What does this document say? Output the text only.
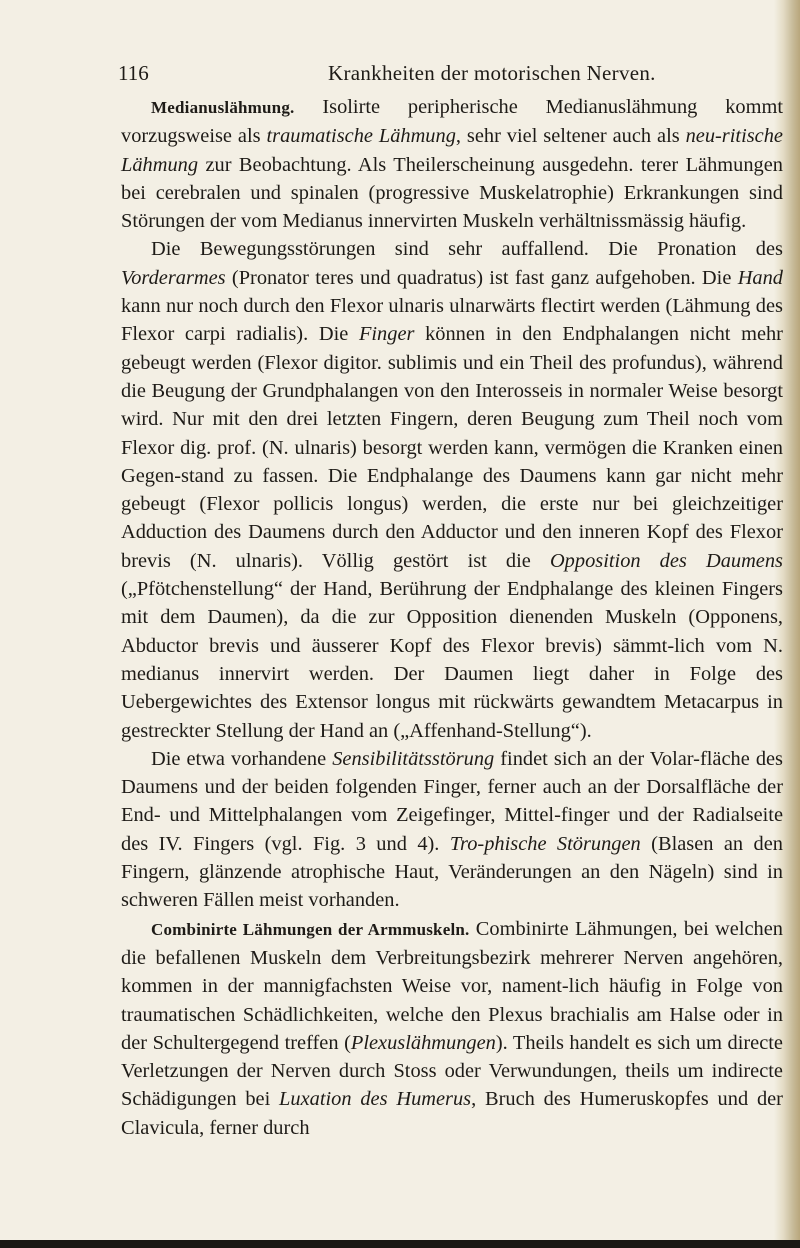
116	Krankheiten der motorischen Nerven.

Medianuslähmung. Isolirte peripherische Medianuslähmung kommt vorzugsweise als traumatische Lähmung, sehr viel seltener auch als neu-ritische Lähmung zur Beobachtung. Als Theilerscheinung ausgedehn. terer Lähmungen bei cerebralen und spinalen (progressive Muskelatrophie) Erkrankungen sind Störungen der vom Medianus innervirten Muskeln verhältnissmässig häufig.

Die Bewegungsstörungen sind sehr auffallend. Die Pronation des Vorderarmes (Pronator teres und quadratus) ist fast ganz aufgehoben. Die Hand kann nur noch durch den Flexor ulnaris ulnarwärts flectirt werden (Lähmung des Flexor carpi radialis). Die Finger können in den Endphalangen nicht mehr gebeugt werden (Flexor digitor. sublimis und ein Theil des profundus), während die Beugung der Grundphalangen von den Interosseis in normaler Weise besorgt wird. Nur mit den drei letzten Fingern, deren Beugung zum Theil noch vom Flexor dig. prof. (N. ulnaris) besorgt werden kann, vermögen die Kranken einen Gegen-stand zu fassen. Die Endphalange des Daumens kann gar nicht mehr gebeugt (Flexor pollicis longus) werden, die erste nur bei gleichzeitiger Adduction des Daumens durch den Adductor und den inneren Kopf des Flexor brevis (N. ulnaris). Völlig gestört ist die Opposition des Daumens („Pfötchenstellung“ der Hand, Berührung der Endphalange des kleinen Fingers mit dem Daumen), da die zur Opposition dienenden Muskeln (Opponens, Abductor brevis und äusserer Kopf des Flexor brevis) sämmt-lich vom N. medianus innervirt werden. Der Daumen liegt daher in Folge des Uebergewichtes des Extensor longus mit rückwärts gewandtem Metacarpus in gestreckter Stellung der Hand an („Affenhand-Stellung“).

Die etwa vorhandene Sensibilitätsstörung findet sich an der Volar-fläche des Daumens und der beiden folgenden Finger, ferner auch an der Dorsalfläche der End- und Mittelphalangen vom Zeigefinger, Mittel-finger und der Radialseite des IV. Fingers (vgl. Fig. 3 und 4). Tro-phische Störungen (Blasen an den Fingern, glänzende atrophische Haut, Veränderungen an den Nägeln) sind in schweren Fällen meist vorhanden.

Combinirte Lähmungen der Armmuskeln. Combinirte Lähmungen, bei welchen die befallenen Muskeln dem Verbreitungsbezirk mehrerer Nerven angehören, kommen in der mannigfachsten Weise vor, nament-lich häufig in Folge von traumatischen Schädlichkeiten, welche den Plexus brachialis am Halse oder in der Schultergegend treffen (Plexuslähmungen). Theils handelt es sich um directe Verletzungen der Nerven durch Stoss oder Verwundungen, theils um indirecte Schädigungen bei Luxation des Humerus, Bruch des Humeruskopfes und der Clavicula, ferner durch
